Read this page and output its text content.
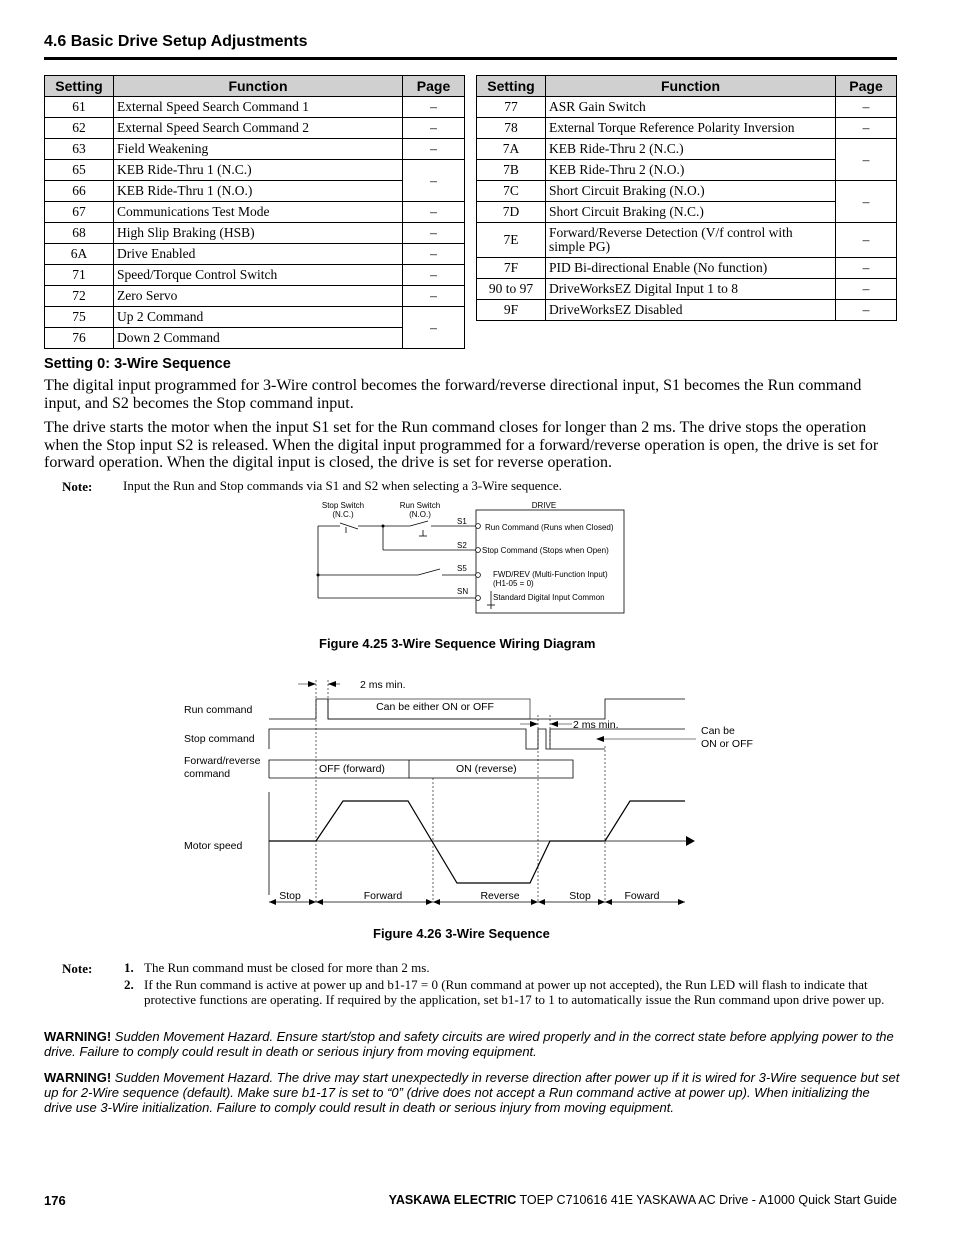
4.6 Basic Drive Setup Adjustments
Setting	Function	Page
61	External Speed Search Command 1	–
62	External Speed Search Command 2	–
63	Field Weakening	–
65	KEB Ride-Thru 1 (N.C.)	–
66	KEB Ride-Thru 1 (N.O.)	
67	Communications Test Mode	–
68	High Slip Braking (HSB)	–
6A	Drive Enabled	–
71	Speed/Torque Control Switch	–
72	Zero Servo	–
75	Up 2 Command	–
76	Down 2 Command	
Setting	Function	Page
77	ASR Gain Switch	–
78	External Torque Reference Polarity Inversion	–
7A	KEB Ride-Thru 2 (N.C.)	–
7B	KEB Ride-Thru 2 (N.O.)	
7C	Short Circuit Braking (N.O.)	–
7D	Short Circuit Braking (N.C.)	
7E	Forward/Reverse Detection (V/f control with simple PG)	–
7F	PID Bi-directional Enable (No function)	–
90 to 97	DriveWorksEZ Digital Input 1 to 8	–
9F	DriveWorksEZ Disabled	–
Setting 0: 3-Wire Sequence
The digital input programmed for 3-Wire control becomes the forward/reverse directional input, S1 becomes the Run command input, and S2 becomes the Stop command input.
The drive starts the motor when the input S1 set for the Run command closes for longer than 2 ms. The drive stops the operation when the Stop input S2 is released. When the digital input programmed for a forward/reverse operation is open, the drive is set for forward operation. When the digital input is closed, the drive is set for reverse operation.
Note: Input the Run and Stop commands via S1 and S2 when selecting a 3-Wire sequence.
Stop Switch
(N.C.)
Run Switch
(N.O.)
DRIVE
S1
S2
S5
SN
Run Command (Runs when Closed)
Stop Command (Stops when Open)
FWD/REV (Multi-Function Input)
(H1-05 = 0)
Standard Digital Input Common
Figure 4.25 3-Wire Sequence Wiring Diagram
Run command
Stop command
Forward/reverse
command
Motor speed
2 ms min.
2 ms min.
Can be either ON or OFF
Can be
ON or OFF
OFF (forward)	ON (reverse)
Stop	Forward	Reverse	Stop	Foward
Figure 4.26 3-Wire Sequence
Note: 1. The Run command must be closed for more than 2 ms.
2. If the Run command is active at power up and b1-17 = 0 (Run command at power up not accepted), the Run LED will flash to indicate that protective functions are operating. If required by the application, set b1-17 to 1 to automatically issue the Run command upon drive power up.
WARNING! Sudden Movement Hazard. Ensure start/stop and safety circuits are wired properly and in the correct state before applying power to the drive. Failure to comply could result in death or serious injury from moving equipment.
WARNING! Sudden Movement Hazard. The drive may start unexpectedly in reverse direction after power up if it is wired for 3-Wire sequence but set up for 2-Wire sequence (default). Make sure b1-17 is set to “0” (drive does not accept a Run command active at power up). When initializing the drive use 3-Wire initialization. Failure to comply could result in death or serious injury from moving equipment.
176	YASKAWA ELECTRIC TOEP C710616 41E YASKAWA AC Drive - A1000 Quick Start Guide
